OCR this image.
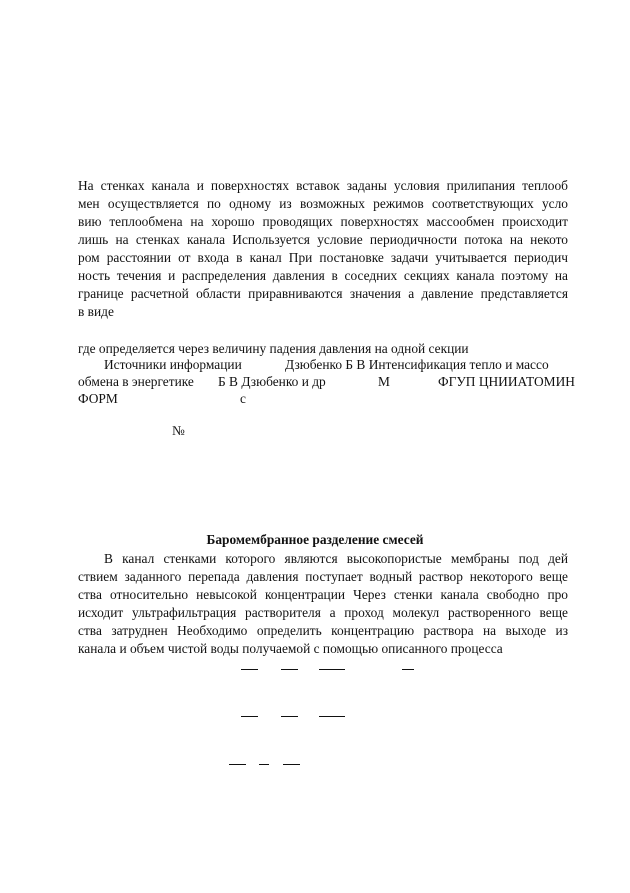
На стенках канала и поверхностях вставок заданы условия прилипания теплооб
мен осуществляется по одному из возможных режимов соответствующих усло
вию теплообмена на хорошо проводящих поверхностях массообмен происходит
лишь на стенках канала Используется условие периодичности потока на некото
ром расстоянии от входа в канал При постановке задачи учитывается периодич
ность течения и распределения давления в соседних секциях канала поэтому на
границе расчетной области приравниваются значения а давление представляется
в виде
где определяется через величину падения давления на одной секции
Источники информации	Дзюбенко Б В Интенсификация тепло и массо
обмена в энергетике Б В Дзюбенко и др	М	ФГУП ЦНИИАТОМИН
ФОРМ	с
№
Баромембранное разделение смесей
В канал стенками которого являются высокопористые мембраны под дей
ствием заданного перепада давления поступает водный раствор некоторого веще
ства относительно невысокой концентрации Через стенки канала свободно про
исходит ультрафильтрация растворителя а проход молекул растворенного веще
ства затруднен Необходимо определить концентрацию раствора на выходе из
канала и объем чистой воды получаемой с помощью описанного процесса
